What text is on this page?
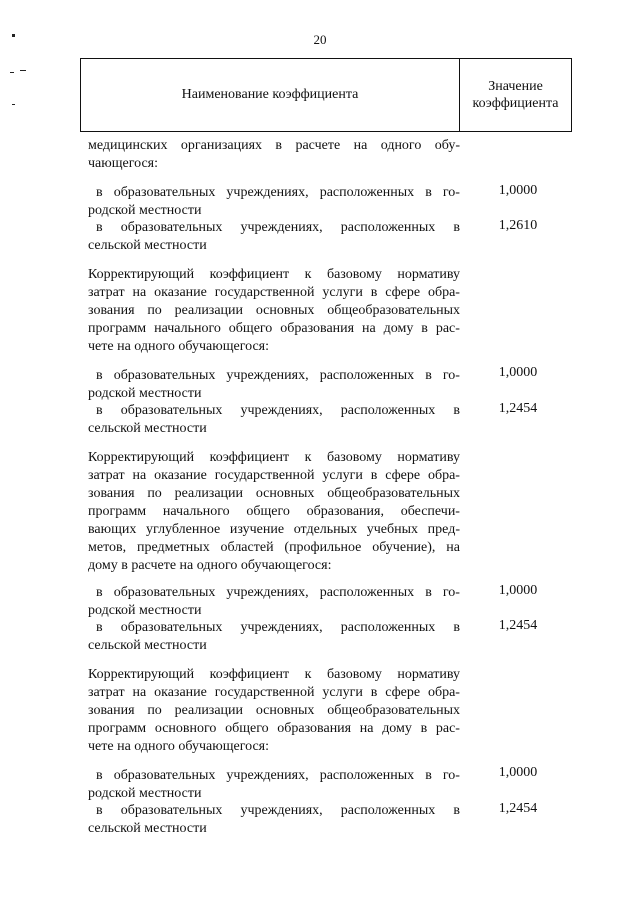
20
Наименование коэффициента
Значение
коэффициента
медицинских организациях в расчете на одного обу-
чающегося:
в образовательных учреждениях, расположенных в го-
родской местности
1,0000
в образовательных учреждениях, расположенных в
сельской местности
1,2610
Корректирующий коэффициент к базовому нормативу
затрат на оказание государственной услуги в сфере обра-
зования по реализации основных общеобразовательных
программ начального общего образования на дому в рас-
чете на одного обучающегося:
в образовательных учреждениях, расположенных в го-
родской местности
1,0000
в образовательных учреждениях, расположенных в
сельской местности
1,2454
Корректирующий коэффициент к базовому нормативу
затрат на оказание государственной услуги в сфере обра-
зования по реализации основных общеобразовательных
программ начального общего образования, обеспечи-
вающих углубленное изучение отдельных учебных пред-
метов, предметных областей (профильное обучение), на
дому в расчете на одного обучающегося:
в образовательных учреждениях, расположенных в го-
родской местности
1,0000
в образовательных учреждениях, расположенных в
сельской местности
1,2454
Корректирующий коэффициент к базовому нормативу
затрат на оказание государственной услуги в сфере обра-
зования по реализации основных общеобразовательных
программ основного общего образования на дому в рас-
чете на одного обучающегося:
в образовательных учреждениях, расположенных в го-
родской местности
1,0000
в образовательных учреждениях, расположенных в
сельской местности
1,2454
